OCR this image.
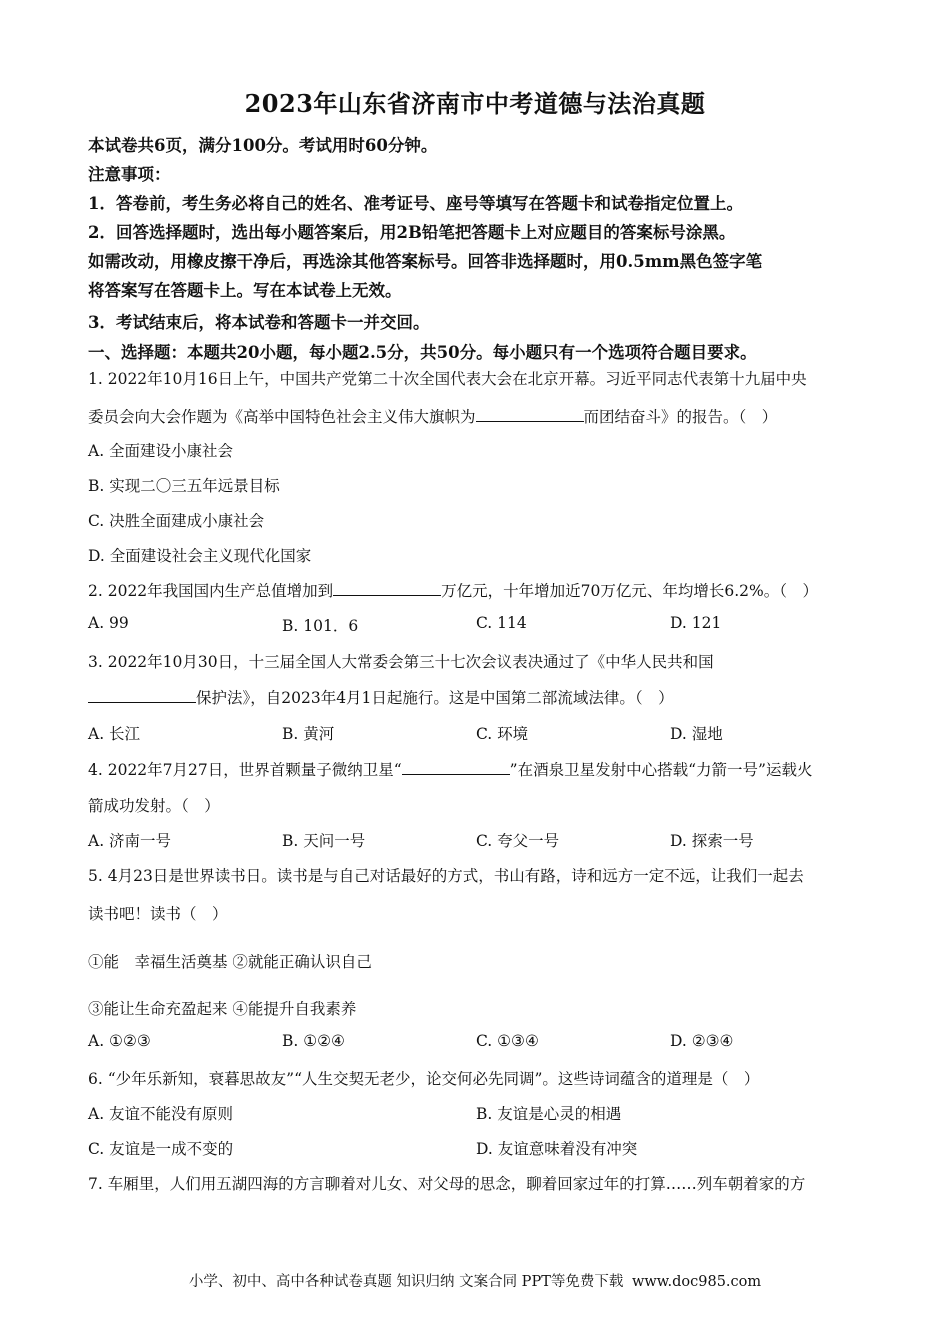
2023年山东省济南市中考道德与法治真题
本试卷共6页，满分100分。考试用时60分钟。
注意事项：
1．答卷前，考生务必将自己的姓名、准考证号、座号等填写在答题卡和试卷指定位置上。
2．回答选择题时，选出每小题答案后，用2B铅笔把答题卡上对应题目的答案标号涂黑。
如需改动，用橡皮擦干净后，再选涂其他答案标号。回答非选择题时，用0.5mm黑色签字笔
将答案写在答题卡上。写在本试卷上无效。
3．考试结束后，将本试卷和答题卡一并交回。
一、选择题：本题共20小题，每小题2.5分，共50分。每小题只有一个选项符合题目要求。
1. 2022年10月16日上午，中国共产党第二十次全国代表大会在北京开幕。习近平同志代表第十九届中央
委员会向大会作题为《高举中国特色社会主义伟大旗帜为	而团结奋斗》的报告。（　）
A. 全面建设小康社会
B. 实现二〇三五年远景目标
C. 决胜全面建成小康社会
D. 全面建设社会主义现代化国家
2. 2022年我国国内生产总值增加到	万亿元，十年增加近70万亿元、年均增长6.2%。（　）
A. 99	B. 101．6	C. 114	D. 121
3. 2022年10月30日，十三届全国人大常委会第三十七次会议表决通过了《中华人民共和国
保护法》，自2023年4月1日起施行。这是中国第二部流域法律。（　）
A. 长江	B. 黄河	C. 环境	D. 湿地
4. 2022年7月27日，世界首颗量子微纳卫星“	”在酒泉卫星发射中心搭载“力箭一号”运载火
箭成功发射。（　）
A. 济南一号	B. 天问一号	C. 夸父一号	D. 探索一号
5. 4月23日是世界读书日。读书是与自己对话最好的方式，书山有路，诗和远方一定不远，让我们一起去
读书吧！读书（　）
①能　幸福生活奠基 ②就能正确认识自己
③能让生命充盈起来 ④能提升自我素养
A. ①②③	B. ①②④	C. ①③④	D. ②③④
6. “少年乐新知，衰暮思故友”“人生交契无老少，论交何必先同调”。这些诗词蕴含的道理是（　）
A. 友谊不能没有原则	B. 友谊是心灵的相遇
C. 友谊是一成不变的	D. 友谊意味着没有冲突
7. 车厢里，人们用五湖四海的方言聊着对儿女、对父母的思念，聊着回家过年的打算……列车朝着家的方
小学、初中、高中各种试卷真题 知识归纳 文案合同 PPT等免费下载 www.doc985.com
